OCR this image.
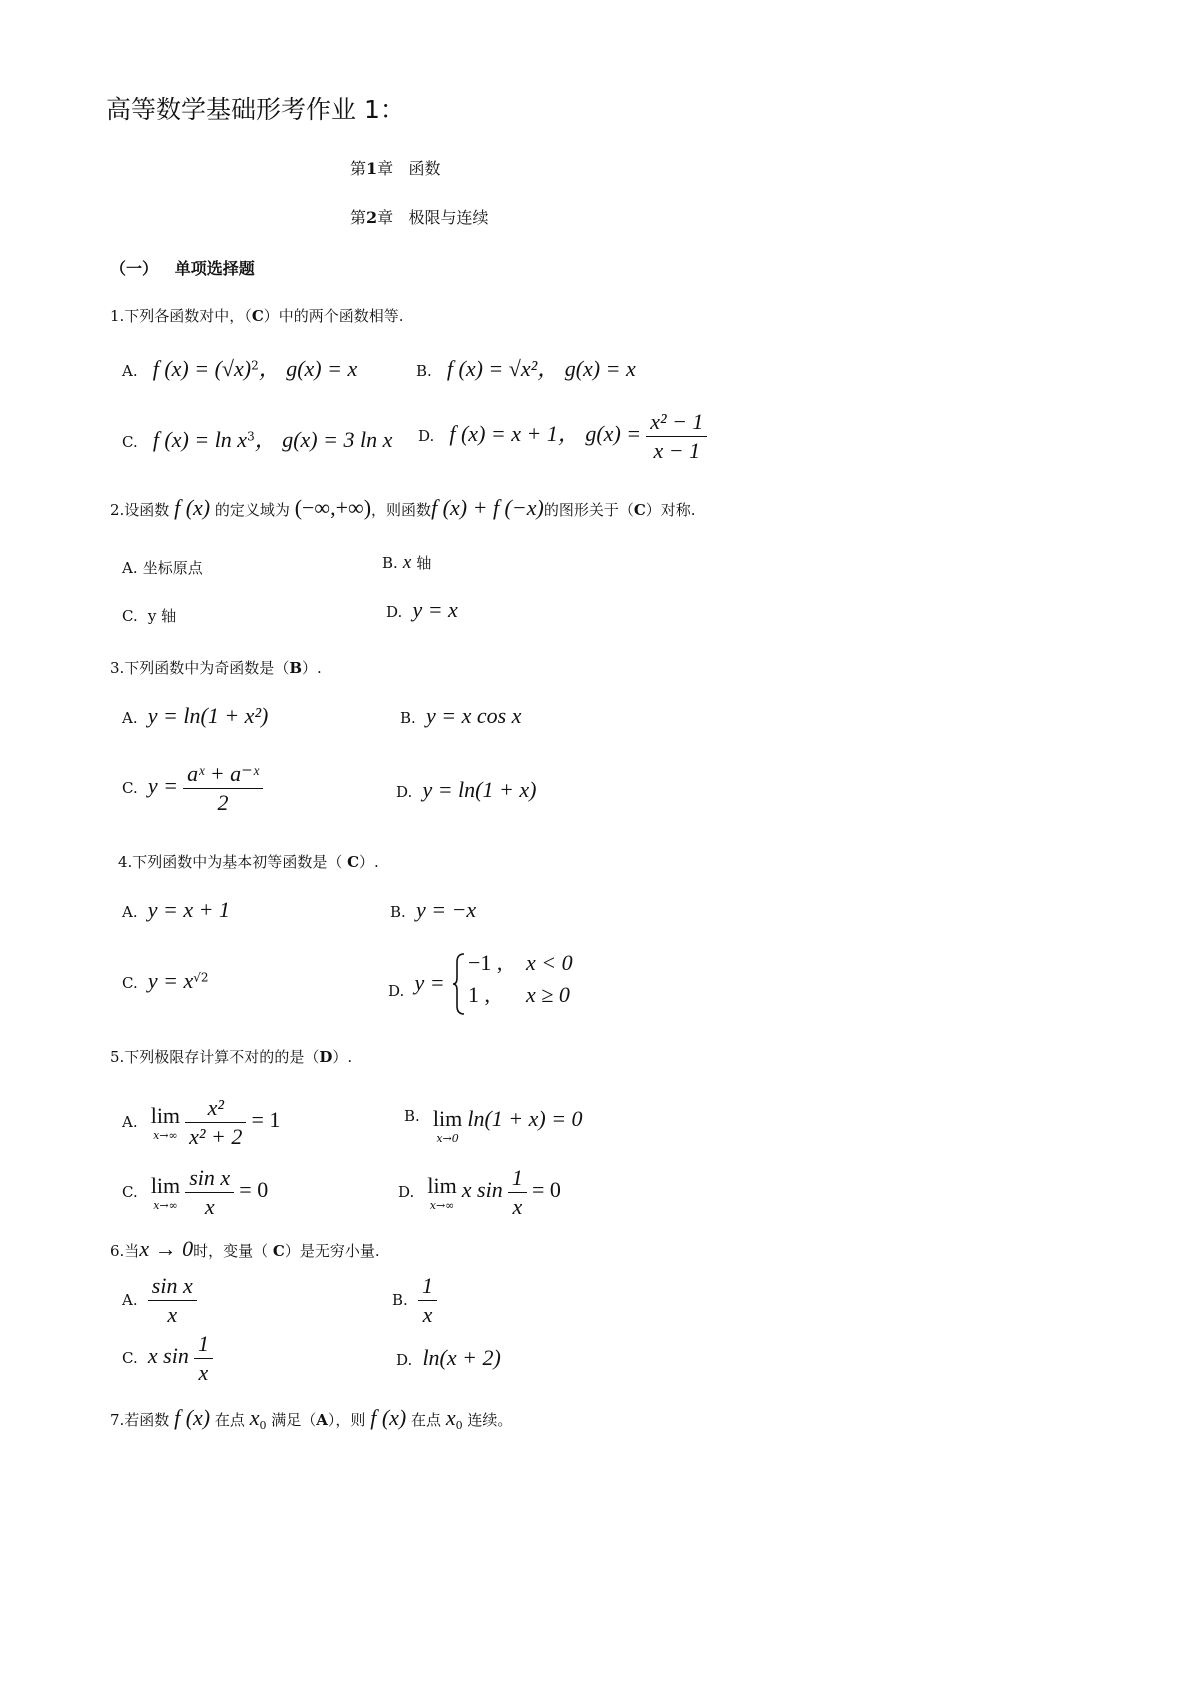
高等数学基础形考作业 1：
第1章 函数
第2章 极限与连续
（一） 单项选择题
1.下列各函数对中，（C）中的两个函数相等.
A. f $(x) = (√x)^2$， g(x) = x	B. f (x) = √x²， g(x) = x
C. f $(x) = \ln x^3$， g(x) = 3 ln x D. f (x) = x + 1， $g(x) = \frac{\text{x² − 1}}{x - 1}$
2.设函数 f (x) 的定义域为 (−∞,+∞)，则函数f (x) + f (−x)的图形关于（C）对称.
A. 坐标原点	B. x 轴
C. y 轴	D. y = x
3.下列函数中为奇函数是（B）.
A. y = ln(1 + x²)	B. y = x cos x
C. $y = \frac{\text{aˣ + a⁻ˣ}}{2}$	D. y = ln(1 + x)
4.下列函数中为基本初等函数是（ C）.
A. y = x + 1	B. y = −x
C. $y = x^{√2}$
D. y =
−1 , x < 0
1 , x ≥ 0
5.下列极限存计算不对的的是（D）.
A. lim
x→∞
$\frac{\text{x²}}{\text{x² + 2}} = 1$	B. lim
x→0
ln(1 + x) = 0
C. lim
x→∞
$\frac{\text{sin x}}{x} = 0$	D. lim
x→∞
x $\sin \frac{1}{x} = 0$
6.当x → 0时，变量（ C）是无穷小量.
A. $\frac{\text{sin x}}{x}$	B. $\frac{1}{x}$
C. x $\sin \frac{1}{x}$	D. ln(x + 2)
7.若函数 f (x) 在点 $x_0$ 满足（A），则 f (x) 在点 $x_0$ 连续。
